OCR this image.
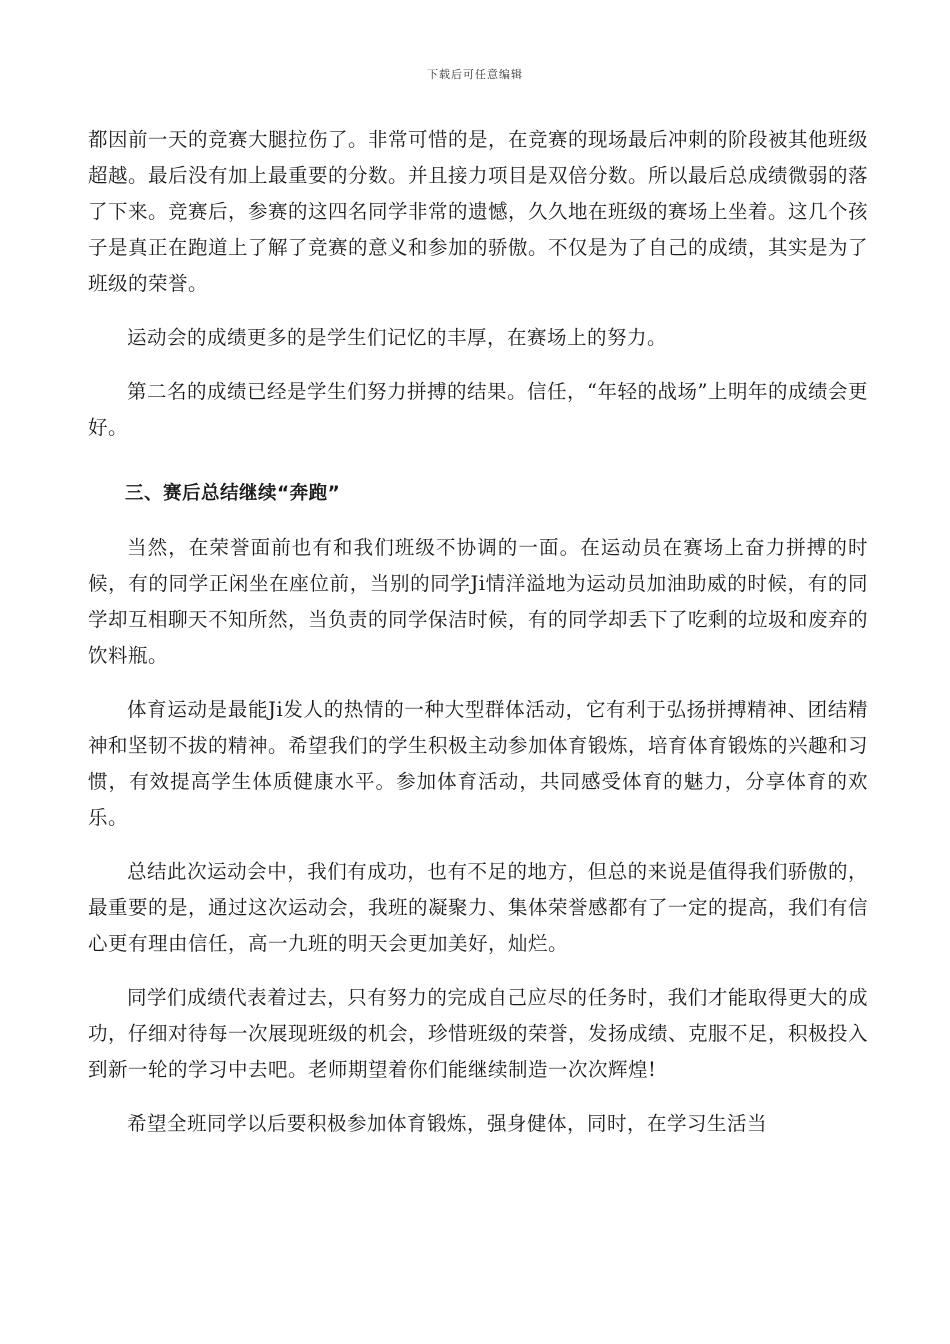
下载后可任意编辑

都因前一天的竞赛大腿拉伤了。非常可惜的是，在竞赛的现场最后冲刺的阶段被其他班级超越。最后没有加上最重要的分数。并且接力项目是双倍分数。所以最后总成绩微弱的落了下来。竞赛后，参赛的这四名同学非常的遗憾，久久地在班级的赛场上坐着。这几个孩子是真正在跑道上了解了竞赛的意义和参加的骄傲。不仅是为了自己的成绩，其实是为了班级的荣誉。

运动会的成绩更多的是学生们记忆的丰厚，在赛场上的努力。

第二名的成绩已经是学生们努力拼搏的结果。信任，“年轻的战场”上明年的成绩会更好。

三、赛后总结继续“奔跑”

当然，在荣誉面前也有和我们班级不协调的一面。在运动员在赛场上奋力拼搏的时候，有的同学正闲坐在座位前，当别的同学Ji情洋溢地为运动员加油助威的时候，有的同学却互相聊天不知所然，当负责的同学保洁时候，有的同学却丢下了吃剩的垃圾和废弃的饮料瓶。

体育运动是最能Ji发人的热情的一种大型群体活动，它有利于弘扬拼搏精神、团结精神和坚韧不拔的精神。希望我们的学生积极主动参加体育锻炼，培育体育锻炼的兴趣和习惯，有效提高学生体质健康水平。参加体育活动，共同感受体育的魅力，分享体育的欢乐。

总结此次运动会中，我们有成功，也有不足的地方，但总的来说是值得我们骄傲的，最重要的是，通过这次运动会，我班的凝聚力、集体荣誉感都有了一定的提高，我们有信心更有理由信任，高一九班的明天会更加美好，灿烂。

同学们成绩代表着过去，只有努力的完成自己应尽的任务时，我们才能取得更大的成功，仔细对待每一次展现班级的机会，珍惜班级的荣誉，发扬成绩、克服不足，积极投入到新一轮的学习中去吧。老师期望着你们能继续制造一次次辉煌!

希望全班同学以后要积极参加体育锻炼，强身健体，同时，在学习生活当
